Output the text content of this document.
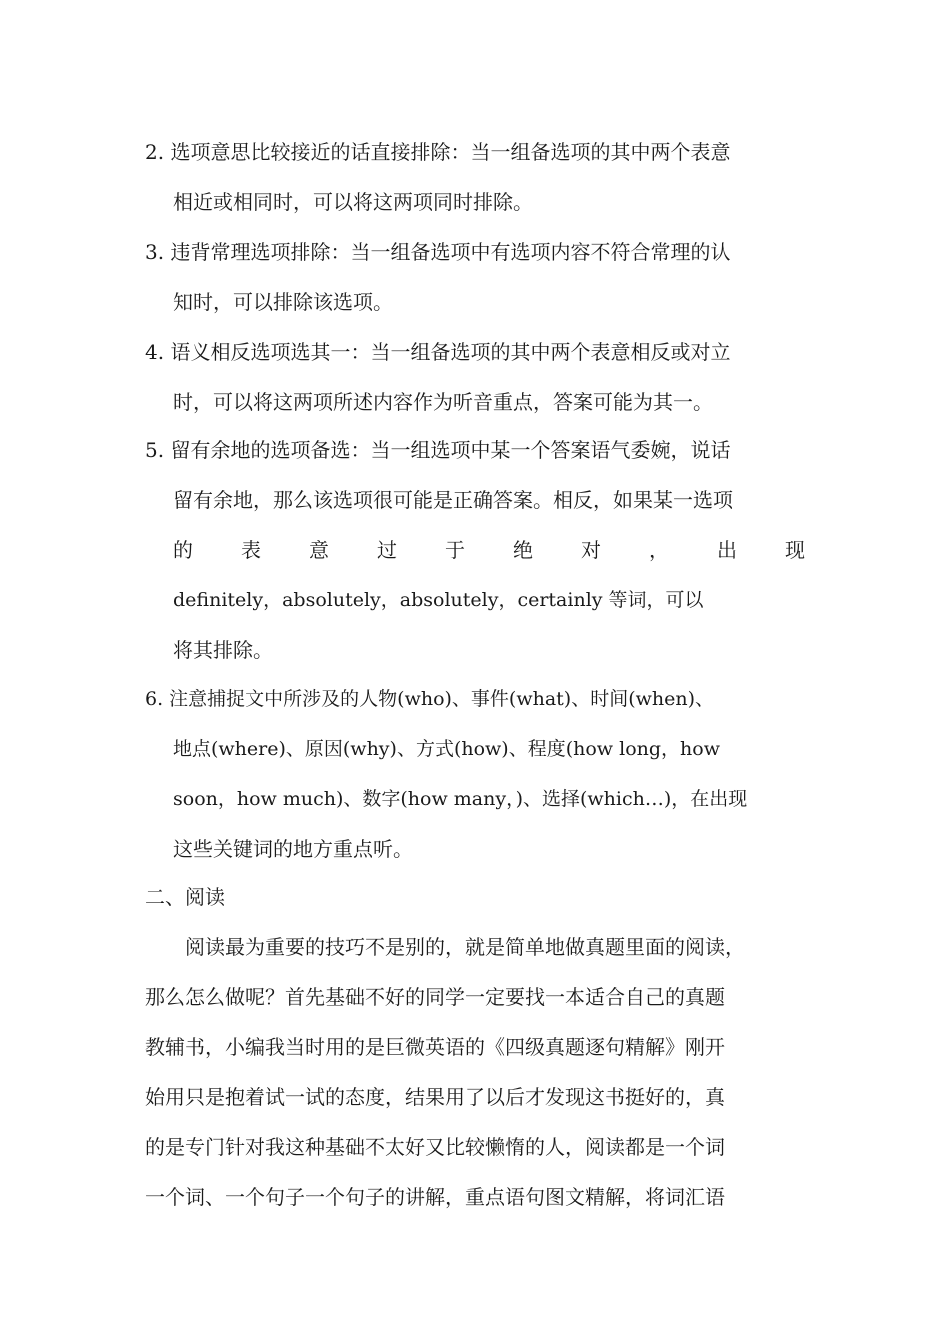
2. 选项意思比较接近的话直接排除：当一组备选项的其中两个表意
相近或相同时，可以将这两项同时排除。
3. 违背常理选项排除：当一组备选项中有选项内容不符合常理的认
知时，可以排除该选项。
4. 语义相反选项选其一：当一组备选项的其中两个表意相反或对立
时，可以将这两项所述内容作为听音重点，答案可能为其一。
5. 留有余地的选项备选：当一组选项中某一个答案语气委婉，说话
留有余地，那么该选项很可能是正确答案。相反，如果某一选项
的 表 意 过 于 绝 对 ， 出 现
definitely，absolutely，absolutely，certainly 等词，可以
将其排除。
6. 注意捕捉文中所涉及的人物(who)、事件(what)、时间(when)、
地点(where)、原因(why)、方式(how)、程度(how long，how
soon，how much)、数字(how many，)、选择(which…)，在出现
这些关键词的地方重点听。
二、阅读
阅读最为重要的技巧不是别的，就是简单地做真题里面的阅读，
那么怎么做呢？首先基础不好的同学一定要找一本适合自己的真题
教辅书，小编我当时用的是巨微英语的《四级真题逐句精解》刚开
始用只是抱着试一试的态度，结果用了以后才发现这书挺好的，真
的是专门针对我这种基础不太好又比较懒惰的人，阅读都是一个词
一个词、一个句子一个句子的讲解，重点语句图文精解，将词汇语
